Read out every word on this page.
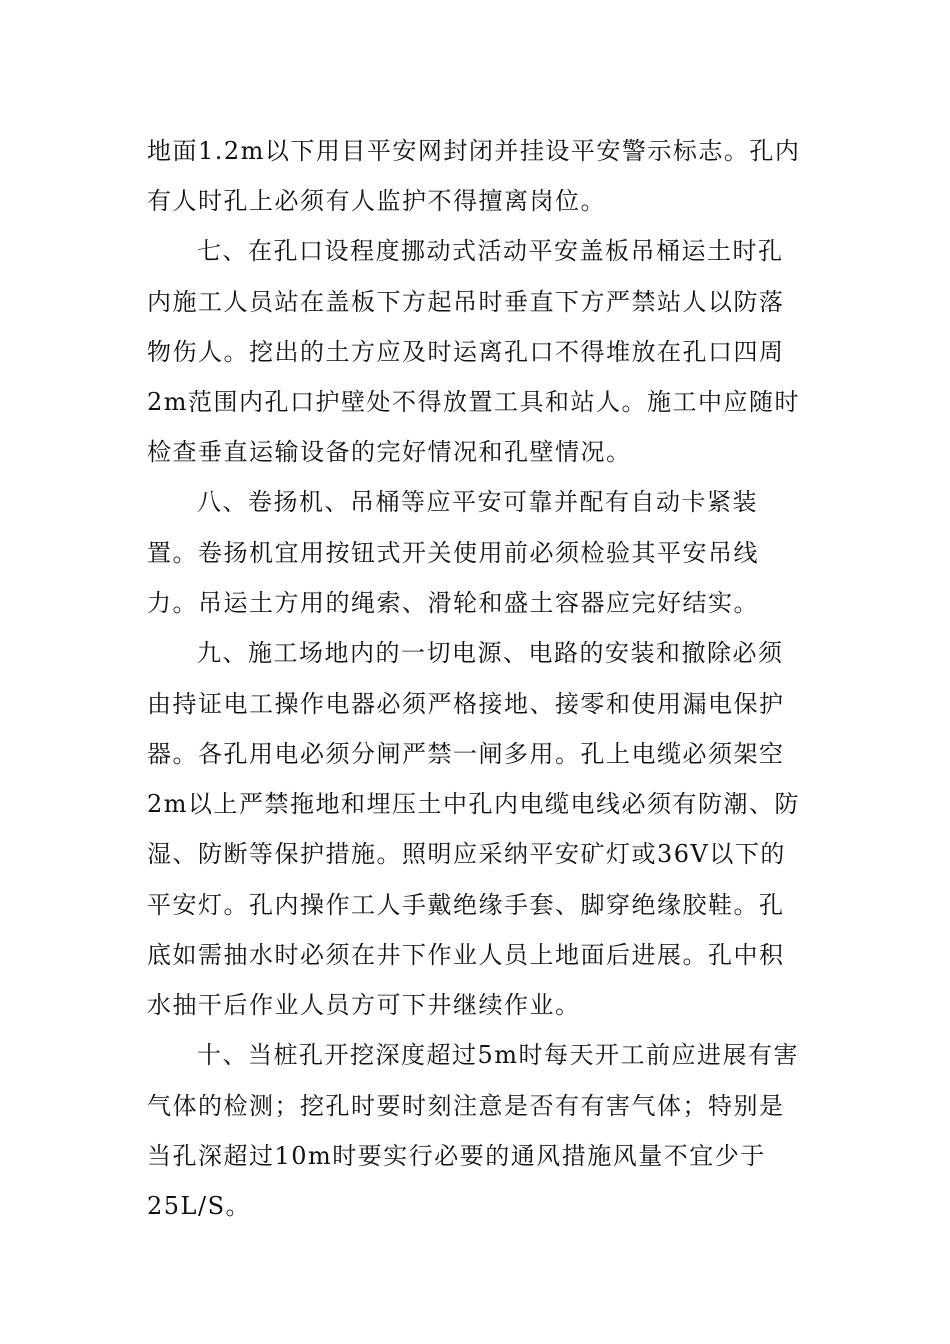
地面1.2m以下用目平安网封闭并挂设平安警示标志。孔内
有人时孔上必须有人监护不得擅离岗位。
七、在孔口设程度挪动式活动平安盖板吊桶运土时孔
内施工人员站在盖板下方起吊时垂直下方严禁站人以防落
物伤人。挖出的土方应及时运离孔口不得堆放在孔口四周
2m范围内孔口护壁处不得放置工具和站人。施工中应随时
检查垂直运输设备的完好情况和孔壁情况。
八、卷扬机、吊桶等应平安可靠并配有自动卡紧装
置。卷扬机宜用按钮式开关使用前必须检验其平安吊线
力。吊运土方用的绳索、滑轮和盛土容器应完好结实。
九、施工场地内的一切电源、电路的安装和撤除必须
由持证电工操作电器必须严格接地、接零和使用漏电保护
器。各孔用电必须分闸严禁一闸多用。孔上电缆必须架空
2m以上严禁拖地和埋压土中孔内电缆电线必须有防潮、防
湿、防断等保护措施。照明应采纳平安矿灯或36V以下的
平安灯。孔内操作工人手戴绝缘手套、脚穿绝缘胶鞋。孔
底如需抽水时必须在井下作业人员上地面后进展。孔中积
水抽干后作业人员方可下井继续作业。
十、当桩孔开挖深度超过5m时每天开工前应进展有害
气体的检测；挖孔时要时刻注意是否有有害气体；特别是
当孔深超过10m时要实行必要的通风措施风量不宜少于
25L/S。
